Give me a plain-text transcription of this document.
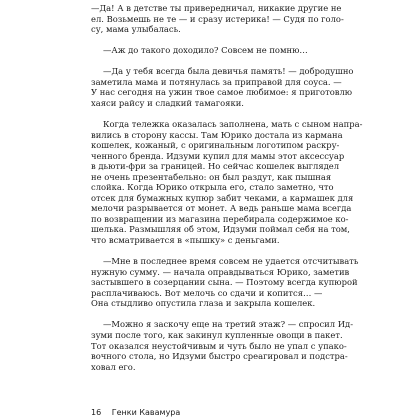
—Да! А в детстве ты привередничал, никакие другие не
ел. Возьмешь не те — и сразу истерика! — Судя по голо-
су, мама улыбалась.

—Аж до такого доходило? Совсем не помню…

—Да у тебя всегда была девичья память! — добродушно
заметила мама и потянулась за приправой для соуса. —
У нас сегодня на ужин твое самое любимое: я приготовлю
хаяси райсу и сладкий тамагояки.

Когда тележка оказалась заполнена, мать с сыном напра-
вились в сторону кассы. Там Юрико достала из кармана
кошелек, кожаный, с оригинальным логотипом раскру-
ченного бренда. Идзуми купил для мамы этот аксессуар
в дьюти-фри за границей. Но сейчас кошелек выглядел
не очень презентабельно: он был раздут, как пышная
слойка. Когда Юрико открыла его, стало заметно, что
отсек для бумажных купюр забит чеками, а кармашек для
мелочи разрывается от монет. А ведь раньше мама всегда
по возвращении из магазина перебирала содержимое ко-
шелька. Размышляя об этом, Идзуми поймал себя на том,
что всматривается в «пышку» с деньгами.

—Мне в последнее время совсем не удается отсчитывать
нужную сумму. — начала оправдываться Юрико, заметив
застывшего в созерцании сына. — Поэтому всегда купюрой
расплачиваюсь. Вот мелочь со сдачи и копится… —
Она стыдливо опустила глаза и закрыла кошелек.

—Можно я заскочу еще на третий этаж? — спросил Ид-
зуми после того, как закинул купленные овощи в пакет.
Тот оказался неустойчивым и чуть было не упал с упако-
вочного стола, но Идзуми быстро среагировал и подстра-
ховал его.

16 Генки Кавамура
